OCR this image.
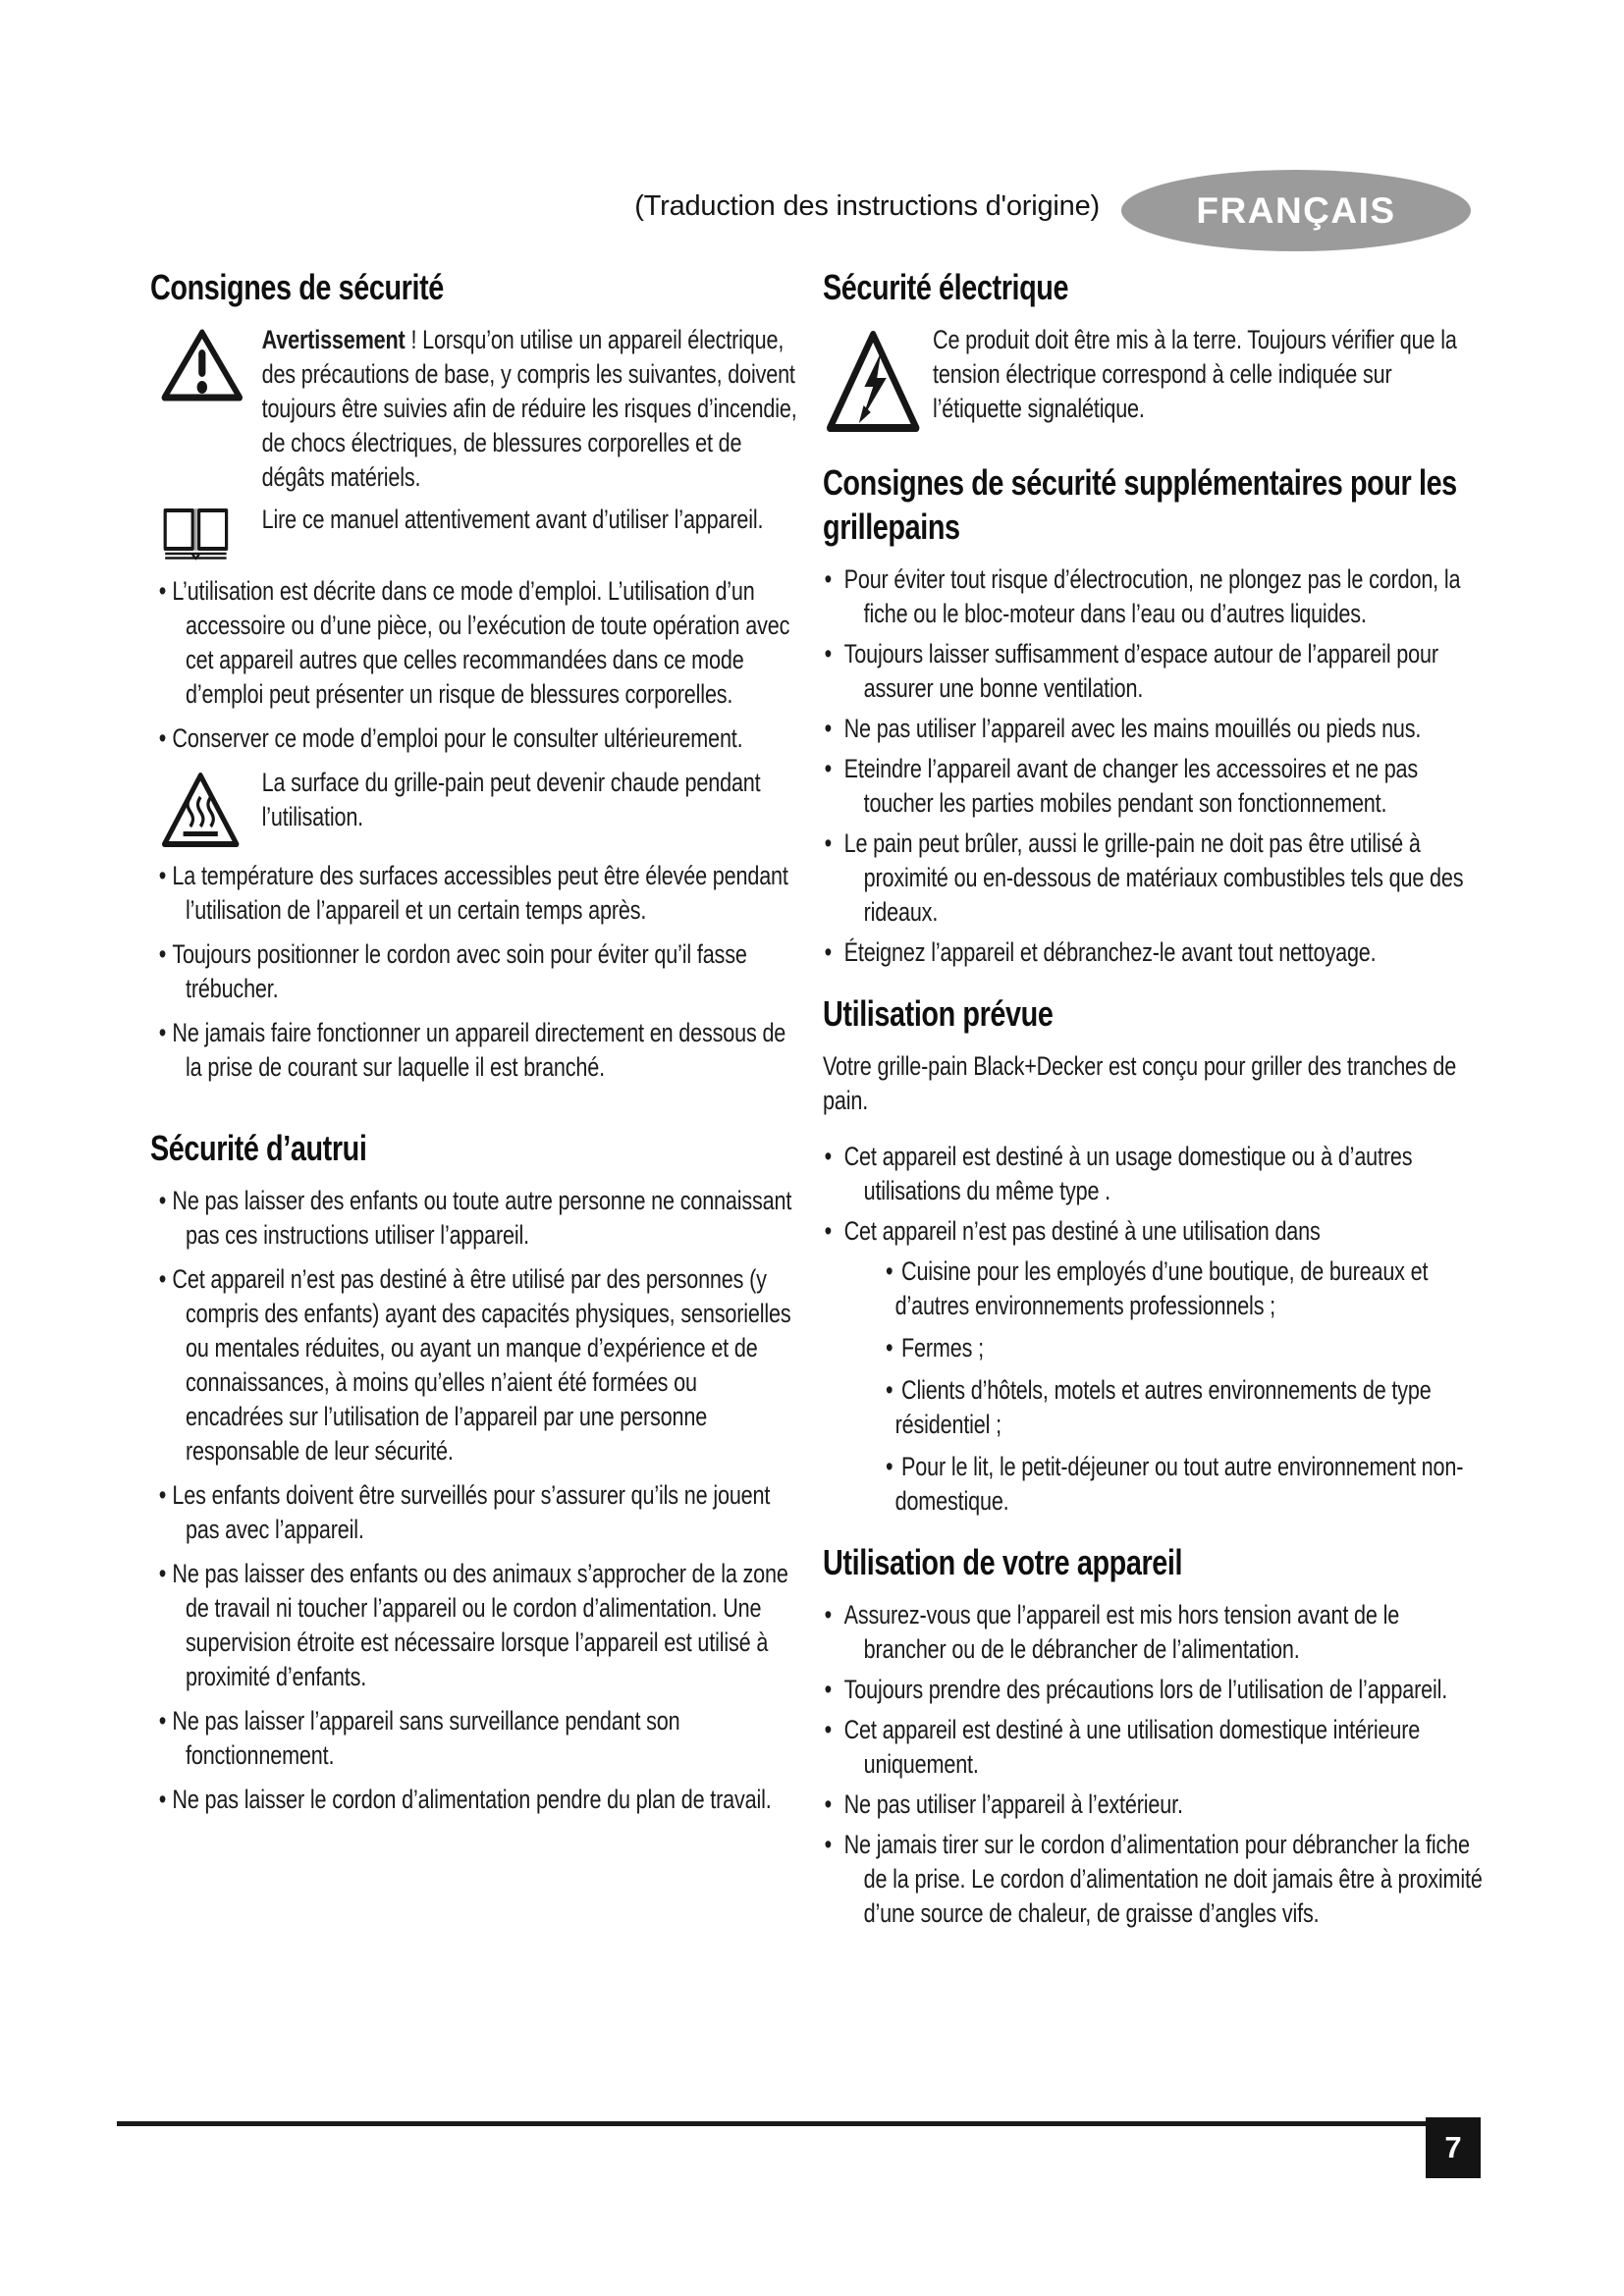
(Traduction des instructions d'origine)	FRANÇAIS
Consignes de sécurité
Avertissement ! Lorsqu’on utilise un appareil électrique, des précautions de base, y compris les suivantes, doivent toujours être suivies afin de réduire les risques d’incendie, de chocs électriques, de blessures corporelles et de dégâts matériels.
Lire ce manuel attentivement avant d’utiliser l’appareil.
• L’utilisation est décrite dans ce mode d’emploi. L’utilisation d’un accessoire ou d’une pièce, ou l’exécution de toute opération avec cet appareil autres que celles recommandées dans ce mode d’emploi peut présenter un risque de blessures corporelles.
• Conserver ce mode d’emploi pour le consulter ultérieurement.
La surface du grille-pain peut devenir chaude pendant l’utilisation.
• La température des surfaces accessibles peut être élevée pendant l’utilisation de l’appareil et un certain temps après.
• Toujours positionner le cordon avec soin pour éviter qu’il fasse trébucher.
• Ne jamais faire fonctionner un appareil directement en dessous de la prise de courant sur laquelle il est branché.
Sécurité d’autrui
• Ne pas laisser des enfants ou toute autre personne ne connaissant pas ces instructions utiliser l’appareil.
• Cet appareil n’est pas destiné à être utilisé par des personnes (y compris des enfants) ayant des capacités physiques, sensorielles ou mentales réduites, ou ayant un manque d’expérience et de connaissances, à moins qu’elles n’aient été formées ou encadrées sur l’utilisation de l’appareil par une personne responsable de leur sécurité.
• Les enfants doivent être surveillés pour s’assurer qu’ils ne jouent pas avec l’appareil.
• Ne pas laisser des enfants ou des animaux s’approcher de la zone de travail ni toucher l’appareil ou le cordon d’alimentation. Une supervision étroite est nécessaire lorsque l’appareil est utilisé à proximité d’enfants.
• Ne pas laisser l’appareil sans surveillance pendant son fonctionnement.
• Ne pas laisser le cordon d’alimentation pendre du plan de travail.
Sécurité électrique
Ce produit doit être mis à la terre. Toujours vérifier que la tension électrique correspond à celle indiquée sur l’étiquette signalétique.
Consignes de sécurité supplémentaires pour les grillepains
• Pour éviter tout risque d’électrocution, ne plongez pas le cordon, la fiche ou le bloc-moteur dans l’eau ou d’autres liquides.
• Toujours laisser suffisamment d’espace autour de l’appareil pour assurer une bonne ventilation.
• Ne pas utiliser l’appareil avec les mains mouillés ou pieds nus.
• Eteindre l’appareil avant de changer les accessoires et ne pas toucher les parties mobiles pendant son fonctionnement.
• Le pain peut brûler, aussi le grille-pain ne doit pas être utilisé à proximité ou en-dessous de matériaux combustibles tels que des rideaux.
• Éteignez l’appareil et débranchez-le avant tout nettoyage.
Utilisation prévue

Votre grille-pain Black+Decker est conçu pour griller des tranches de pain.

• Cet appareil est destiné à un usage domestique ou à d’autres utilisations du même type .
• Cet appareil n’est pas destiné à une utilisation dans
• Cuisine pour les employés d’une boutique, de bureaux et d’autres environnements professionnels ;
• Fermes ;
• Clients d’hôtels, motels et autres environnements de type résidentiel ;
• Pour le lit, le petit-déjeuner ou tout autre environnement non-domestique.
Utilisation de votre appareil
• Assurez-vous que l’appareil est mis hors tension avant de le brancher ou de le débrancher de l’alimentation.
• Toujours prendre des précautions lors de l’utilisation de l’appareil.
• Cet appareil est destiné à une utilisation domestique intérieure uniquement.
• Ne pas utiliser l’appareil à l’extérieur.
• Ne jamais tirer sur le cordon d’alimentation pour débrancher la fiche de la prise. Le cordon d’alimentation ne doit jamais être à proximité d’une source de chaleur, de graisse d’angles vifs.
7
